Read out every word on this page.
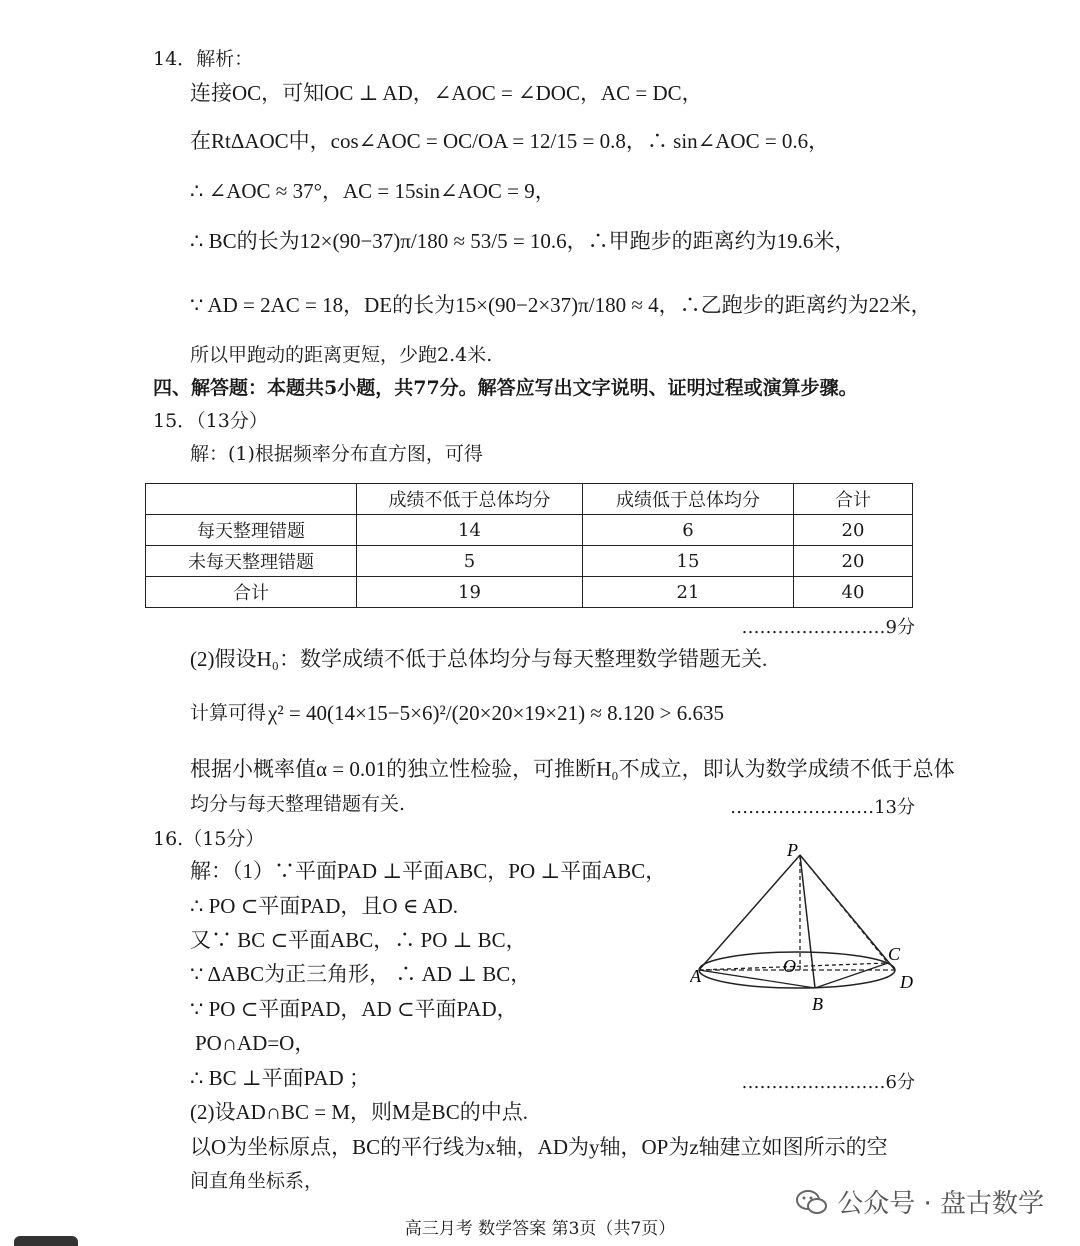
14．解析：
连接OC，可知OC ⊥ AD，∠AOC = ∠DOC，AC = DC，
在RtΔAOC中，cos∠AOC = OC/OA = 12/15 = 0.8，∴ sin∠AOC = 0.6，
∴ ∠AOC ≈ 37°，AC = 15sin∠AOC = 9，
∴ BC的长为12×(90−37)π/180 ≈ 53/5 = 10.6，∴甲跑步的距离约为19.6米，
∵ AD = 2AC = 18，DE的长为15×(90−2×37)π/180 ≈ 4，∴乙跑步的距离约为22米，
所以甲跑动的距离更短，少跑2.4米.
四、解答题：本题共5小题，共77分。解答应写出文字说明、证明过程或演算步骤。
15．（13分）
解：(1)根据频率分布直方图，可得
	成绩不低于总体均分	成绩低于总体均分	合计
每天整理错题	14	6	20
未每天整理错题	5	15	20
合计	19	21	40
……………………9分
(2)假设H₀：数学成绩不低于总体均分与每天整理数学错题无关.
计算可得 χ² = 40(14×15−5×6)²/(20×20×19×21) ≈ 8.120 > 6.635
根据小概率值α = 0.01的独立性检验，可推断H₀不成立，即认为数学成绩不低于总体
均分与每天整理错题有关.	……………………13分
16.（15分）
解：（1）∵平面PAD ⊥平面ABC，PO ⊥平面ABC，
∴ PO ⊂平面PAD，且O ∈ AD.
又∵ BC ⊂平面ABC，∴ PO ⊥ BC，
∵ ΔABC为正三角形， ∴ AD ⊥ BC，
∵ PO ⊂平面PAD，AD ⊂平面PAD，
PO∩AD=O，
∴ BC ⊥平面PAD ；	……………………6分
(2)设AD∩BC = M，则M是BC的中点.
以O为坐标原点，BC的平行线为x轴，AD为y轴，OP为z轴建立如图所示的空
间直角坐标系，
P
A
B
C
D
O
公众号 · 盘古数学
高三月考 数学答案 第3页（共7页）
